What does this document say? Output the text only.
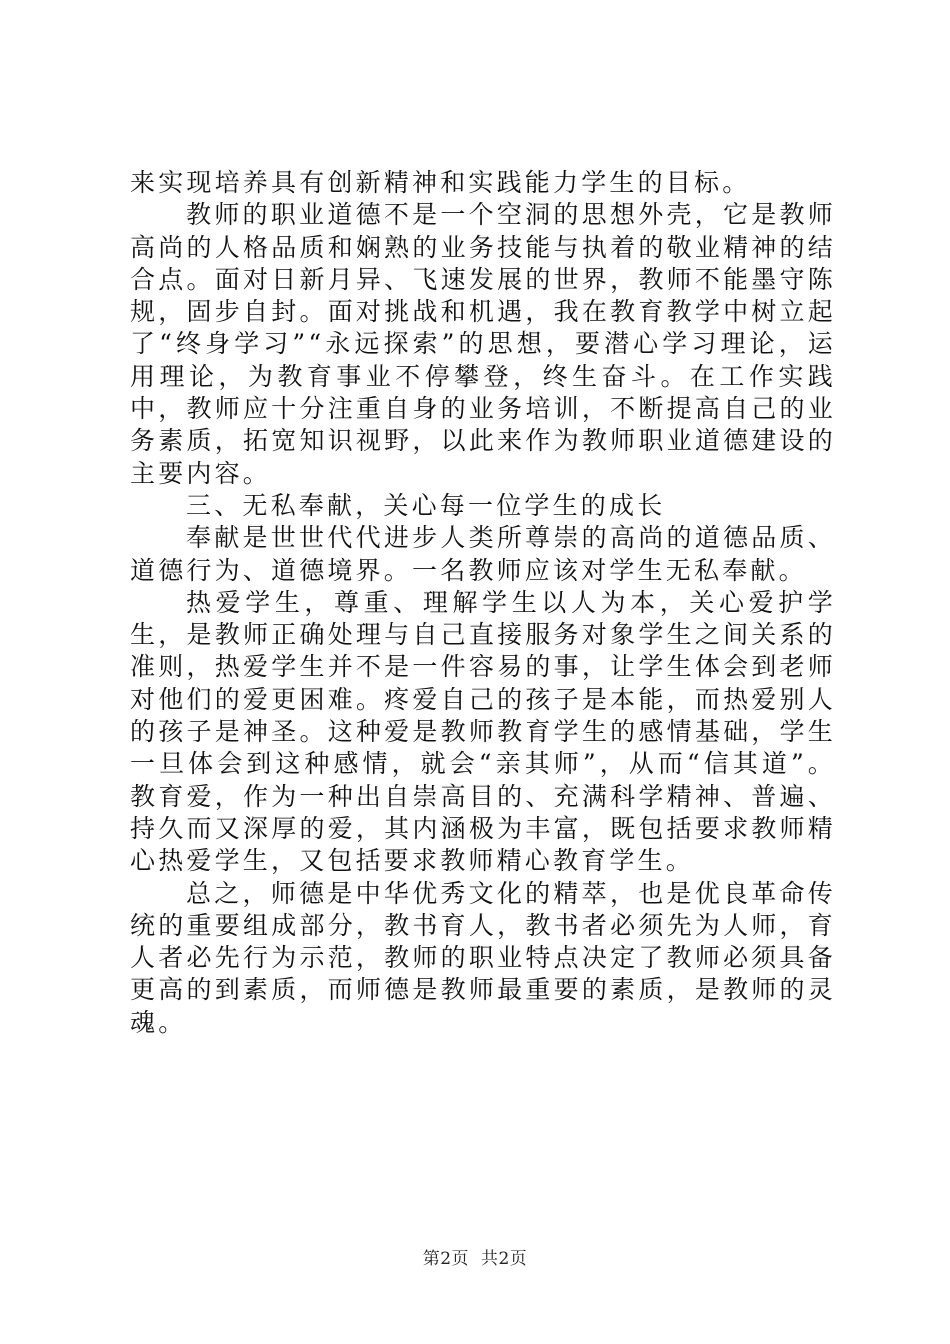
来实现培养具有创新精神和实践能力学生的目标。

教师的职业道德不是一个空洞的思想外壳，它是教师高尚的人格品质和娴熟的业务技能与执着的敬业精神的结合点。面对日新月异、飞速发展的世界，教师不能墨守陈规，固步自封。面对挑战和机遇，我在教育教学中树立起了“终身学习”“永远探索”的思想，要潜心学习理论，运用理论，为教育事业不停攀登，终生奋斗。在工作实践中，教师应十分注重自身的业务培训，不断提高自己的业务素质，拓宽知识视野，以此来作为教师职业道德建设的主要内容。

三、无私奉献，关心每一位学生的成长

奉献是世世代代进步人类所尊崇的高尚的道德品质、道德行为、道德境界。一名教师应该对学生无私奉献。

热爱学生，尊重、理解学生以人为本，关心爱护学生，是教师正确处理与自己直接服务对象学生之间关系的准则，热爱学生并不是一件容易的事，让学生体会到老师对他们的爱更困难。疼爱自己的孩子是本能，而热爱别人的孩子是神圣。这种爱是教师教育学生的感情基础，学生一旦体会到这种感情，就会“亲其师”，从而“信其道”。教育爱，作为一种出自崇高目的、充满科学精神、普遍、持久而又深厚的爱，其内涵极为丰富，既包括要求教师精心热爱学生，又包括要求教师精心教育学生。

总之，师德是中华优秀文化的精萃，也是优良革命传统的重要组成部分，教书育人，教书者必须先为人师，育人者必先行为示范，教师的职业特点决定了教师必须具备更高的到素质，而师德是教师最重要的素质，是教师的灵魂。

第2页 共2页
